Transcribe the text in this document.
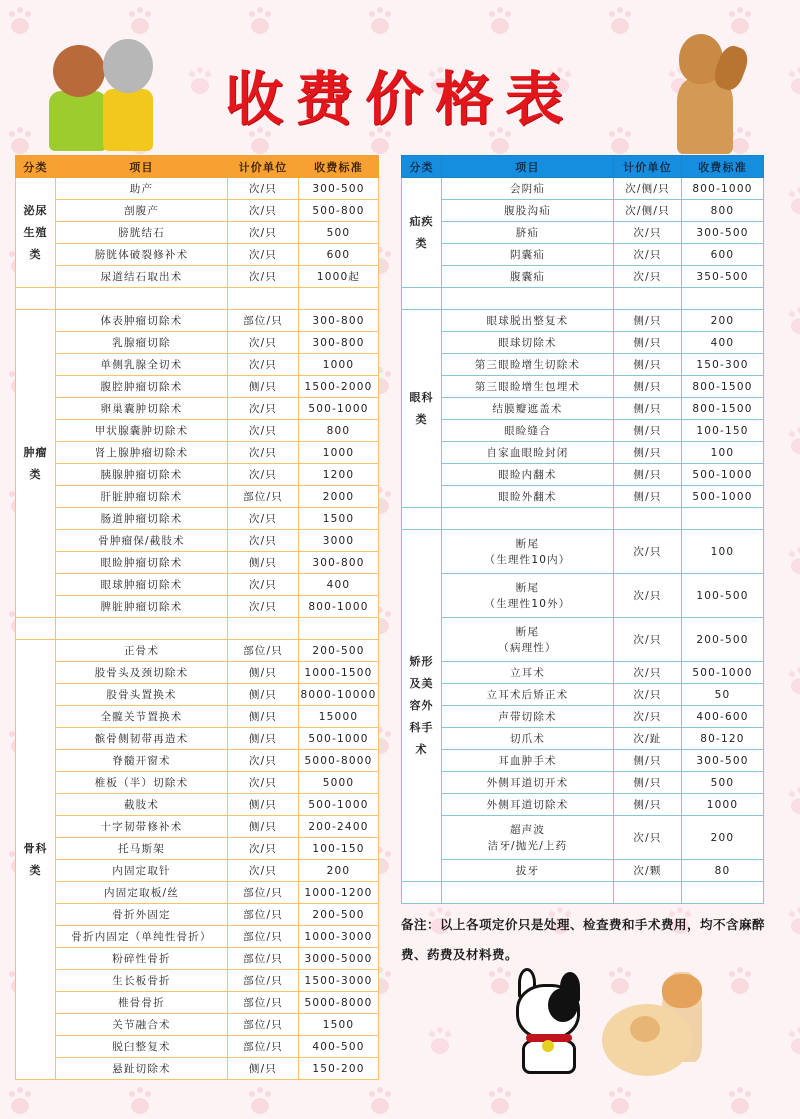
收费价格表
分类	项目	计价单位	收费标准

泌尿生殖类	助产	次/只	300-500
	剖腹产	次/只	500-800
	膀胱结石	次/只	500
	膀胱体破裂修补术	次/只	600
	尿道结石取出术	次/只	1000起

肿瘤类	体表肿瘤切除术	部位/只	300-800
	乳腺瘤切除	次/只	300-800
	单侧乳腺全切术	次/只	1000
	腹腔肿瘤切除术	侧/只	1500-2000
	卵巢囊肿切除术	次/只	500-1000
	甲状腺囊肿切除术	次/只	800
	肾上腺肿瘤切除术	次/只	1000
	胰腺肿瘤切除术	次/只	1200
	肝脏肿瘤切除术	部位/只	2000
	肠道肿瘤切除术	次/只	1500
	骨肿瘤保/截肢术	次/只	3000
	眼睑肿瘤切除术	侧/只	300-800
	眼球肿瘤切除术	次/只	400
	脾脏肿瘤切除术	次/只	800-1000

骨科类	正骨术	部位/只	200-500
	股骨头及颈切除术	侧/只	1000-1500
	股骨头置换术	侧/只	8000-10000
	全髋关节置换术	侧/只	15000
	髌骨侧韧带再造术	侧/只	500-1000
	脊髓开窗术	次/只	5000-8000
	椎板（半）切除术	次/只	5000
	截肢术	侧/只	500-1000
	十字韧带修补术	侧/只	200-2400
	托马斯架	次/只	100-150
	内固定取针	次/只	200
	内固定取板/丝	部位/只	1000-1200
	骨折外固定	部位/只	200-500
	骨折内固定（单纯性骨折）	部位/只	1000-3000
	粉碎性骨折	部位/只	3000-5000
	生长板骨折	部位/只	1500-3000
	椎骨骨折	部位/只	5000-8000
	关节融合术	部位/只	1500
	脱臼整复术	部位/只	400-500
	悬趾切除术	侧/只	150-200
分类	项目	计价单位	收费标准

疝疾类	会阴疝	次/侧/只	800-1000
	腹股沟疝	次/侧/只	800
	脐疝	次/只	300-500
	阴囊疝	次/只	600
	腹囊疝	次/只	350-500

眼科类	眼球脱出整复术	侧/只	200
	眼球切除术	侧/只	400
	第三眼睑增生切除术	侧/只	150-300
	第三眼睑增生包埋术	侧/只	800-1500
	结膜瓣遮盖术	侧/只	800-1500
	眼睑缝合	侧/只	100-150
	自家血眼睑封闭	侧/只	100
	眼睑内翻术	侧/只	500-1000
	眼睑外翻术	侧/只	500-1000

矫形及美容外科手术	断尾
（生理性10内）	次/只	100

	断尾
（生理性10外）	次/只	100-500

	断尾
（病理性）	次/只	200-500
	立耳术	次/只	500-1000
	立耳术后矫正术	次/只	50
	声带切除术	次/只	400-600
	切爪术	次/趾	80-120
	耳血肿手术	侧/只	300-500
	外侧耳道切开术	侧/只	500
	外侧耳道切除术	侧/只	1000

	超声波
洁牙/抛光/上药	次/只	200
	拔牙	次/颗	80

备注：以上各项定价只是处理、检查费和手术费用，均不含麻醉费、药费及材料费。
